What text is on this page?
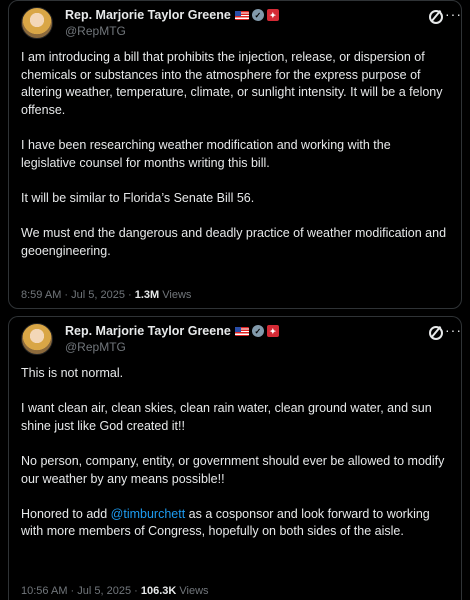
Rep. Marjorie Taylor Greene	✓	✦
@RepMTG
···

I am introducing a bill that prohibits the injection, release, or dispersion of chemicals or substances into the atmosphere for the express purpose of altering weather, temperature, climate, or sunlight intensity. It will be a felony offense.

I have been researching weather modification and working with the legislative counsel for months writing this bill.

It will be similar to Florida’s Senate Bill 56.

We must end the dangerous and deadly practice of weather modification and geoengineering.

8:59 AM · Jul 5, 2025 · 1.3M Views
Rep. Marjorie Taylor Greene	✓	✦
@RepMTG
···

This is not normal.

I want clean air, clean skies, clean rain water, clean ground water, and sun shine just like God created it!!

No person, company, entity, or government should ever be allowed to modify our weather by any means possible!!

Honored to add @timburchett as a cosponsor and look forward to working with more members of Congress, hopefully on both sides of the aisle.

10:56 AM · Jul 5, 2025 · 106.3K Views
